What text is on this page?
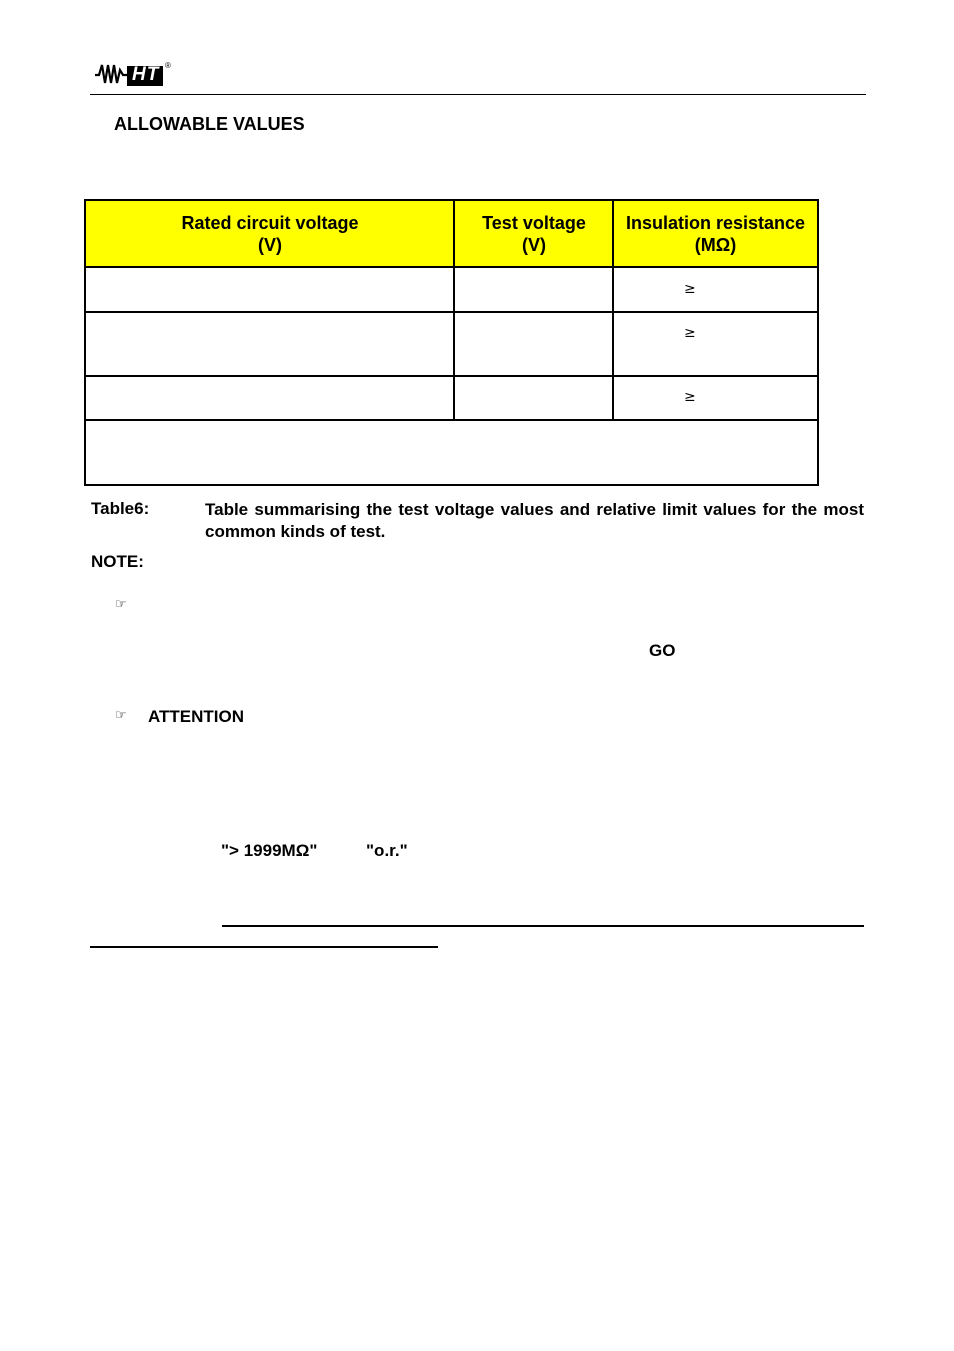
HT ®
ALLOWABLE VALUES
Rated circuit voltage
(V)
Test voltage
(V)
Insulation resistance
(MΩ)
≥
≥
≥
Table6:	Table summarising the test voltage values and relative limit values for the most common kinds of test.
NOTE:
☞
GO
☞ ATTENTION
"> 1999MΩ"	"o.r."
